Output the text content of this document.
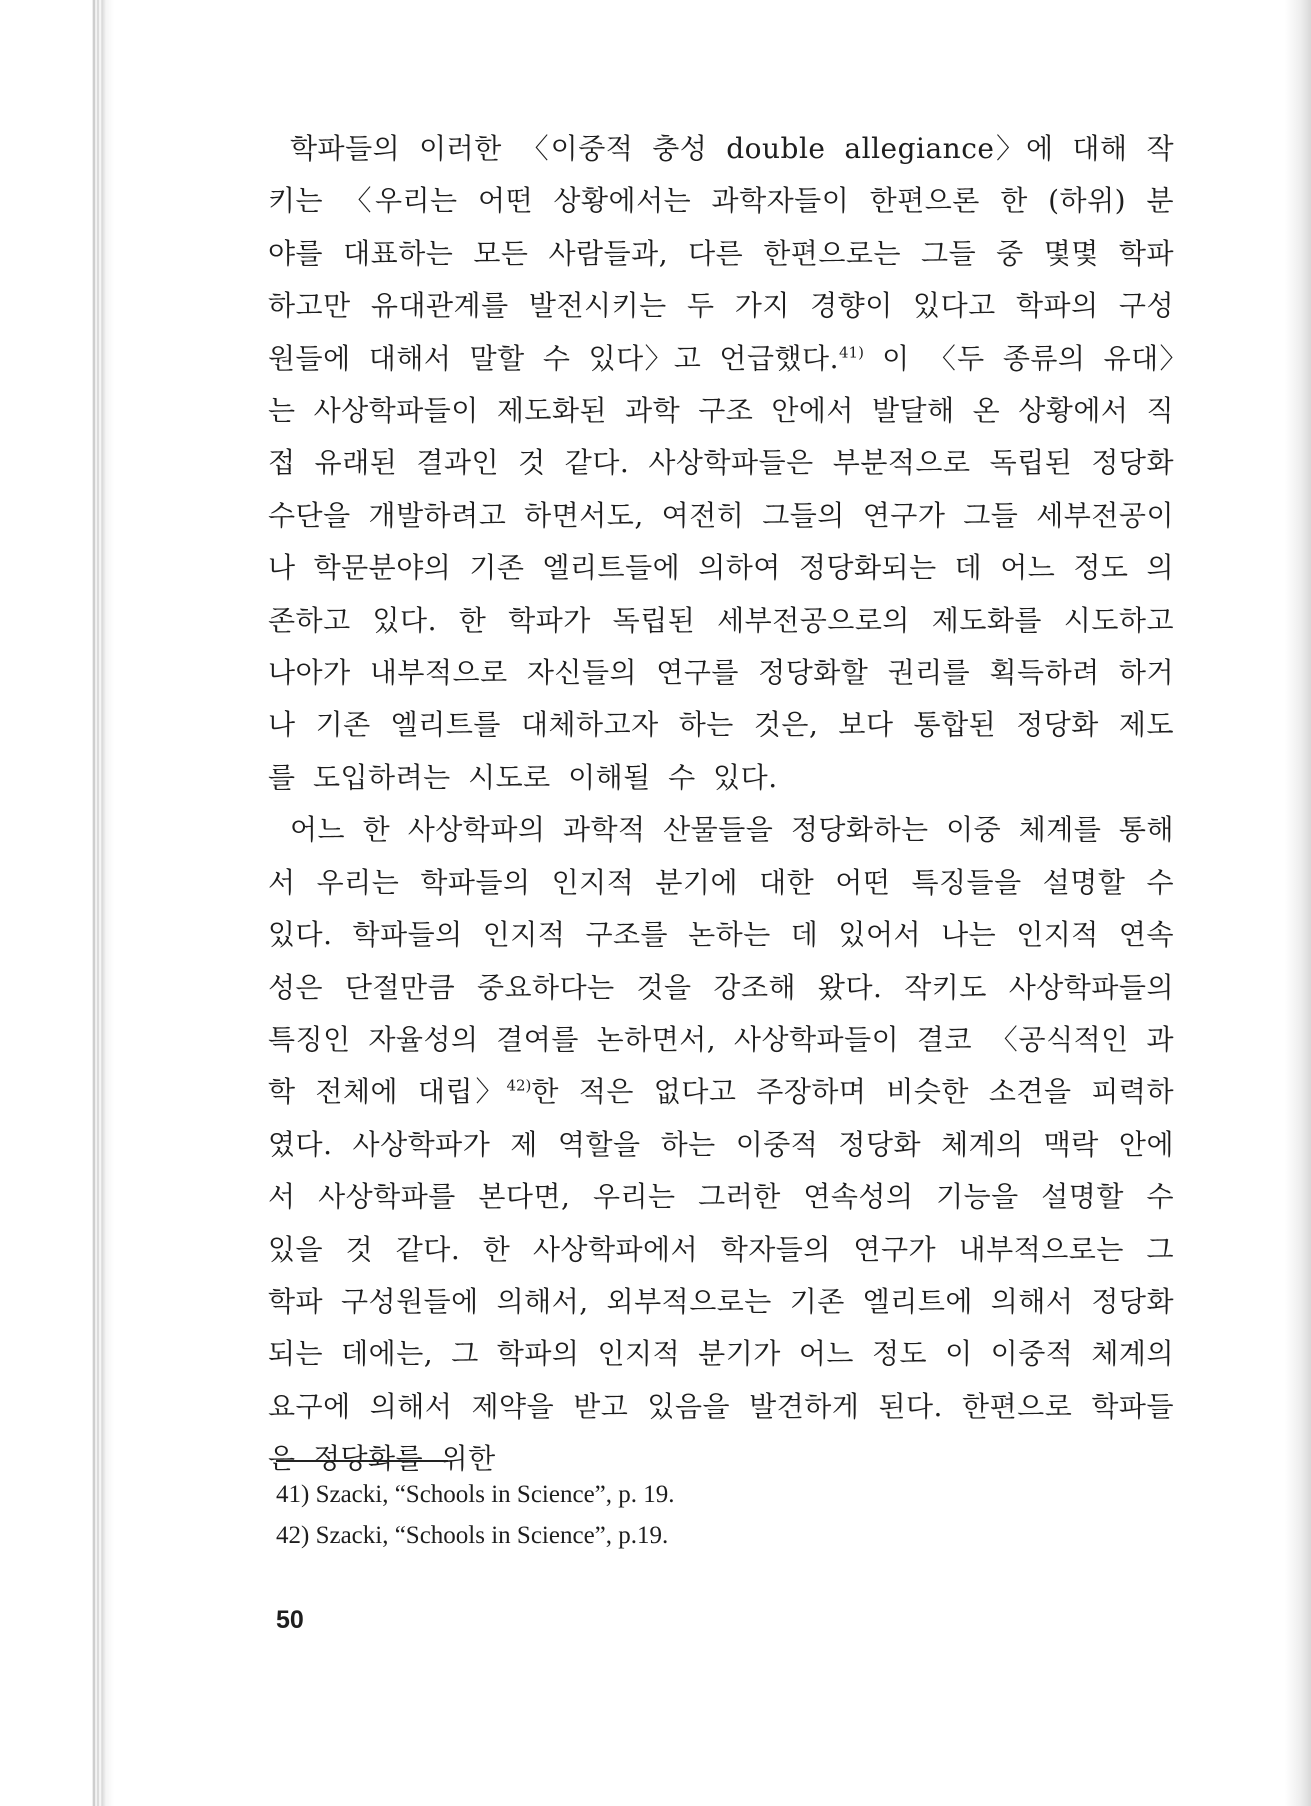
학파들의 이러한 〈이중적 충성 double allegiance〉에 대해 작키는 〈우리는 어떤 상황에서는 과학자들이 한편으론 한 (하위) 분야를 대표하는 모든 사람들과, 다른 한편으로는 그들 중 몇몇 학파하고만 유대관계를 발전시키는 두 가지 경향이 있다고 학파의 구성원들에 대해서 말할 수 있다〉고 언급했다.$^{41)}$ 이 〈두 종류의 유대〉는 사상학파들이 제도화된 과학 구조 안에서 발달해 온 상황에서 직접 유래된 결과인 것 같다. 사상학파들은 부분적으로 독립된 정당화 수단을 개발하려고 하면서도, 여전히 그들의 연구가 그들 세부전공이나 학문분야의 기존 엘리트들에 의하여 정당화되는 데 어느 정도 의존하고 있다. 한 학파가 독립된 세부전공으로의 제도화를 시도하고 나아가 내부적으로 자신들의 연구를 정당화할 권리를 획득하려 하거나 기존 엘리트를 대체하고자 하는 것은, 보다 통합된 정당화 제도를 도입하려는 시도로 이해될 수 있다.

어느 한 사상학파의 과학적 산물들을 정당화하는 이중 체계를 통해서 우리는 학파들의 인지적 분기에 대한 어떤 특징들을 설명할 수 있다. 학파들의 인지적 구조를 논하는 데 있어서 나는 인지적 연속성은 단절만큼 중요하다는 것을 강조해 왔다. 작키도 사상학파들의 특징인 자율성의 결여를 논하면서, 사상학파들이 결코 〈공식적인 과학 전체에 대립〉$^{42)}$한 적은 없다고 주장하며 비슷한 소견을 피력하였다. 사상학파가 제 역할을 하는 이중적 정당화 체계의 맥락 안에서 사상학파를 본다면, 우리는 그러한 연속성의 기능을 설명할 수 있을 것 같다. 한 사상학파에서 학자들의 연구가 내부적으로는 그 학파 구성원들에 의해서, 외부적으로는 기존 엘리트에 의해서 정당화되는 데에는, 그 학파의 인지적 분기가 어느 정도 이 이중적 체계의 요구에 의해서 제약을 받고 있음을 발견하게 된다. 한편으로 학파들은 정당화를 위한

41) Szacki, “Schools in Science”, p. 19.

42) Szacki, “Schools in Science”, p.19.

50
